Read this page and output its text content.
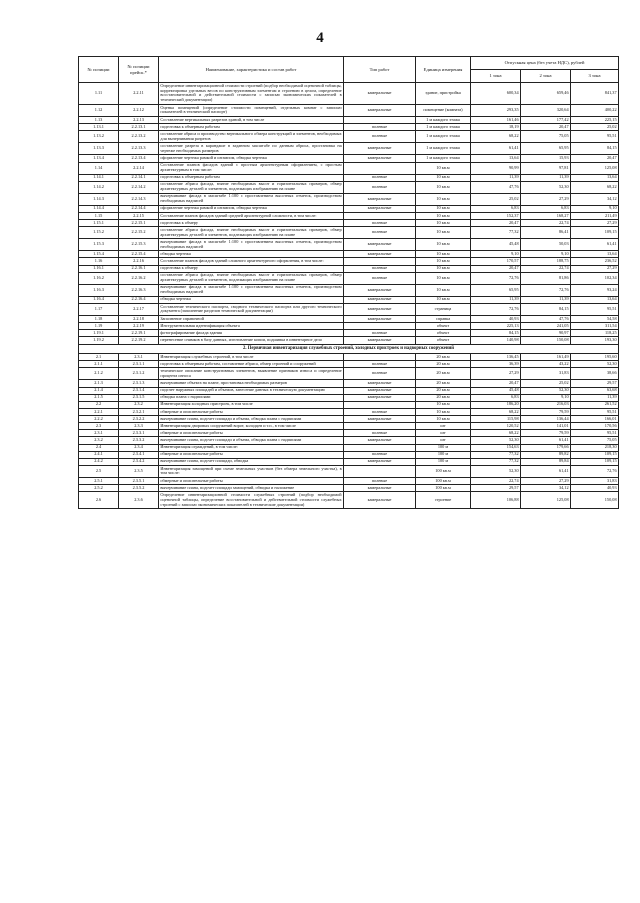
4
№ позиции	№ позиции прейск.*	Наименование, характеристика и состав работ	Тип работ	Единица измерения	Отпускная цена (без учета НДС), рублей		
					1 зона	2 зона	3 зона
1.11	2.2.11	Определение инвентаризационной стоимости строений (подбор необходимой оценочной таблицы, корректировка удельных весов по конструктивным элементам и строению в целом, определение восстановительной и действительной стоимости с записью экономических показателей в технический документации)	камеральные	здание, пристройка	600,34	659,46	841,37
1.12	2.2.12	Оценка помещений (определение стоимости помещений, отдельных комнат с записью показателей в технический паспорт)	камеральные	помещение (комната)	293,35	320,64	400,22
1.13	2.2.13	Составление вертикальных разрезов зданий, в том числе		1 м каждого этажа	161,46	177,42	225,15
1.13.1	2.2.13.1	подготовка к обмерным работам	полевые	1 м каждого этажа	18,19	20,47	25,02
1.13.2	2.2.13.2	составление абриса и производство вертикального обмера конструкций и элементов, необходимых для вычерчивания разрезов	полевые	1 м каждого этажа	68,22	75,05	95,51
1.13.3	2.2.13.3	составление разреза в карандаше в заданном масштабе по данным абриса, простановка на чертеже необходимых размеров	камеральные	1 м каждого этажа	61,41	65,95	84,15
1.13.4	2.2.13.4	оформление чертежа рамкой и штампом, обводка чертежа	камеральные	1 м каждого этажа	13,64	15,93	20,47
1.14	2.2.14	Составление планов фасадов зданий с простым архитектурным оформлением, с простым архитектурным в том числе:		10 кв.м	90,99	97,81	125,08
1.14.1	2.2.14.1	подготовка к обмерным работам	полевые	10 кв.м	11,39	11,39	13,64
1.14.2	2.2.14.2	составление абриса фасада, взятие необходимых высот и горизонтальных промеров, обмер архитектурных деталей и элементов, подлежащих изображению на плане	полевые	10 кв.м	47,76	52,30	68,22
1.14.3	2.2.14.3	вычерчивание фасада в масштабе 1:100 с проставлением высотных отметок, производством необходимых надписей	камеральные	10 кв.м	25,02	27,29	34,12
1.14.4	2.2.14.4	оформление чертежа рамкой и штампом, обводка чертежа	камеральные	10 кв.м	6,83	6,83	9,10
1.15	2.2.15	Составление планов фасадов зданий средней архитектурной сложности, в том числе:		10 кв.м	152,37	168,27	211,49
1.15.1	2.2.15.1	подготовка к обмеру	полевые	10 кв.м	20,47	22,74	27,29
1.15.2	2.2.15.2	составление абриса фасада, взятие необходимых высот и горизонтальных промеров, обмер архитектурных деталей и элементов, подлежащих изображению на плане	полевые	10 кв.м	77,32	86,41	109,15
1.15.3	2.2.15.3	вычерчивание фасада в масштабе 1:100 с проставлением высотных отметок, производством необходимых надписей	камеральные	10 кв.м	45,48	50,03	61,41
1.15.4	2.2.15.4	обводка чертежа	камеральные	10 кв.м	9,10	9,10	13,64
1.16	2.2.16	Составление планов фасадов зданий сложного архитектурного оформления, в том числе:		10 кв.м	170,57	188,75	236,52
1.16.1	2.2.16.1	подготовка к обмеру	полевые	10 кв.м	20,47	22,74	27,29
1.16.2	2.2.16.2	составление абриса фасада, взятие необходимых высот и горизонтальных промеров, обмер архитектурных деталей и элементов, подлежащих изображению на плане	полевые	10 кв.м	72,76	81,86	102,34
1.16.3	2.2.16.3	вычерчивание фасада в масштабе 1:100 с проставлением высотных отметок, производством необходимых надписей	камеральные	10 кв.м	65,95	72,76	93,24
1.16.4	2.2.16.4	обводка чертежа	камеральные	10 кв.м	11,39	11,39	13,64
1.17	2.2.17	Составление технического паспорта, сводного технического паспорта или другого технического документа (заполнение разделов технической документации)	камеральные	страница	72,76	84,15	95,51
1.18	2.2.18	Заполнение справочной	камеральные	справка	40,93	47,76	54,58
1.19	2.2.19	Инструментальная идентификация объекта		объект	225,13	241,05	311,54
1.19.1	2.2.19.1	фотографирование фасада здания	полевые	объект	84,15	90,97	118,25
1.19.2	2.2.19.2	перенесение снимков в базу данных, изготовление копии, подшивка в инвентарное дело	камеральные	объект	140,98	150,08	193,30
2. Первичная инвентаризация служебных строений, холодных пристроек и надворных сооружений							
2.1	2.3.1	Инвентаризация служебных строений, в том числе		20 кв.м	136,45	161,49	195,60
2.1.1	2.3.1.1	подготовка к обмерным работам, составление абриса, обмер строений и сооружений	полевые	20 кв.м	36,39	43,22	52,30
2.1.2	2.3.1.2	техническое описание конструктивных элементов, выявление признаков износа и определение процента износа	полевые	20 кв.м	27,29	31,83	38,66
2.1.3	2.3.1.3	вычерчивание объекта на плане, простановка необходимых размеров	камеральные	20 кв.м	20,47	25,02	29,57
2.1.4	2.3.1.4	подсчет наружных площадей и объемов, занесение данных в техническую документацию	камеральные	20 кв.м	45,48	52,30	63,68
2.1.5	2.3.1.5	обводка плана с надписями	камеральные	20 кв.м	6,83	9,10	11,39
2.2	2.3.2	Инвентаризация холодных пристроек, в том числе		10 кв.м	186,20	216,03	261,52
2.2.1	2.3.2.1	обмерные и описательные работы	полевые	10 кв.м	68,22	79,59	95,51
2.2.2	2.3.2.2	вычерчивание плана, подсчет площади и объема, обводка плана с надписями	камеральные	10 кв.м	115,98	136,44	166,01
2.3	2.3.3	Инвентаризация дворовых сооружений ворот, колодцев и т.п., в том числе		шт	120,52	141,01	170,56
2.3.1	2.3.3.1	обмерные и описательные работы	полевые	шт	68,22	79,59	95,51
2.3.2	2.3.3.2	вычерчивание плана, подсчет площади и объема, обводка плана с надписями	камеральные	шт	52,30	61,41	75,05
2.4	2.3.4	Инвентаризация ограждений, в том числе:		100 м	154,63	179,66	218,30
2.4.1	2.3.4.1	обмерные и описательные работы	полевые	100 м	77,32	89,82	109,15
2.4.2	2.3.4.2	вычерчивание плана, подсчет площади, обводка	камеральные	100 м	77,32	89,84	109,15
2.5	2.3.5	Инвентаризация замощений при съеме земельных участков (без обмера земельного участка), в том числе:		100 кв.м	52,30	61,41	72,76
2.5.1	2.3.5.1	обмерные и описательные работы	полевые	100 кв.м	22,74	27,29	31,83
2.5.2	2.3.5.2	вычерчивание плана, подсчет площади замощений, обводка и наложение	камеральные	100 кв.м	29,57	34,12	40,93
2.6	2.3.6	Определение инвентаризационной стоимости служебных строений (подбор необходимой оценочной таблицы, определение восстановительной и действительной стоимости служебных строений с записью экономических показателей в технические документации)	камеральные	строение	106,88	125,08	150,08
